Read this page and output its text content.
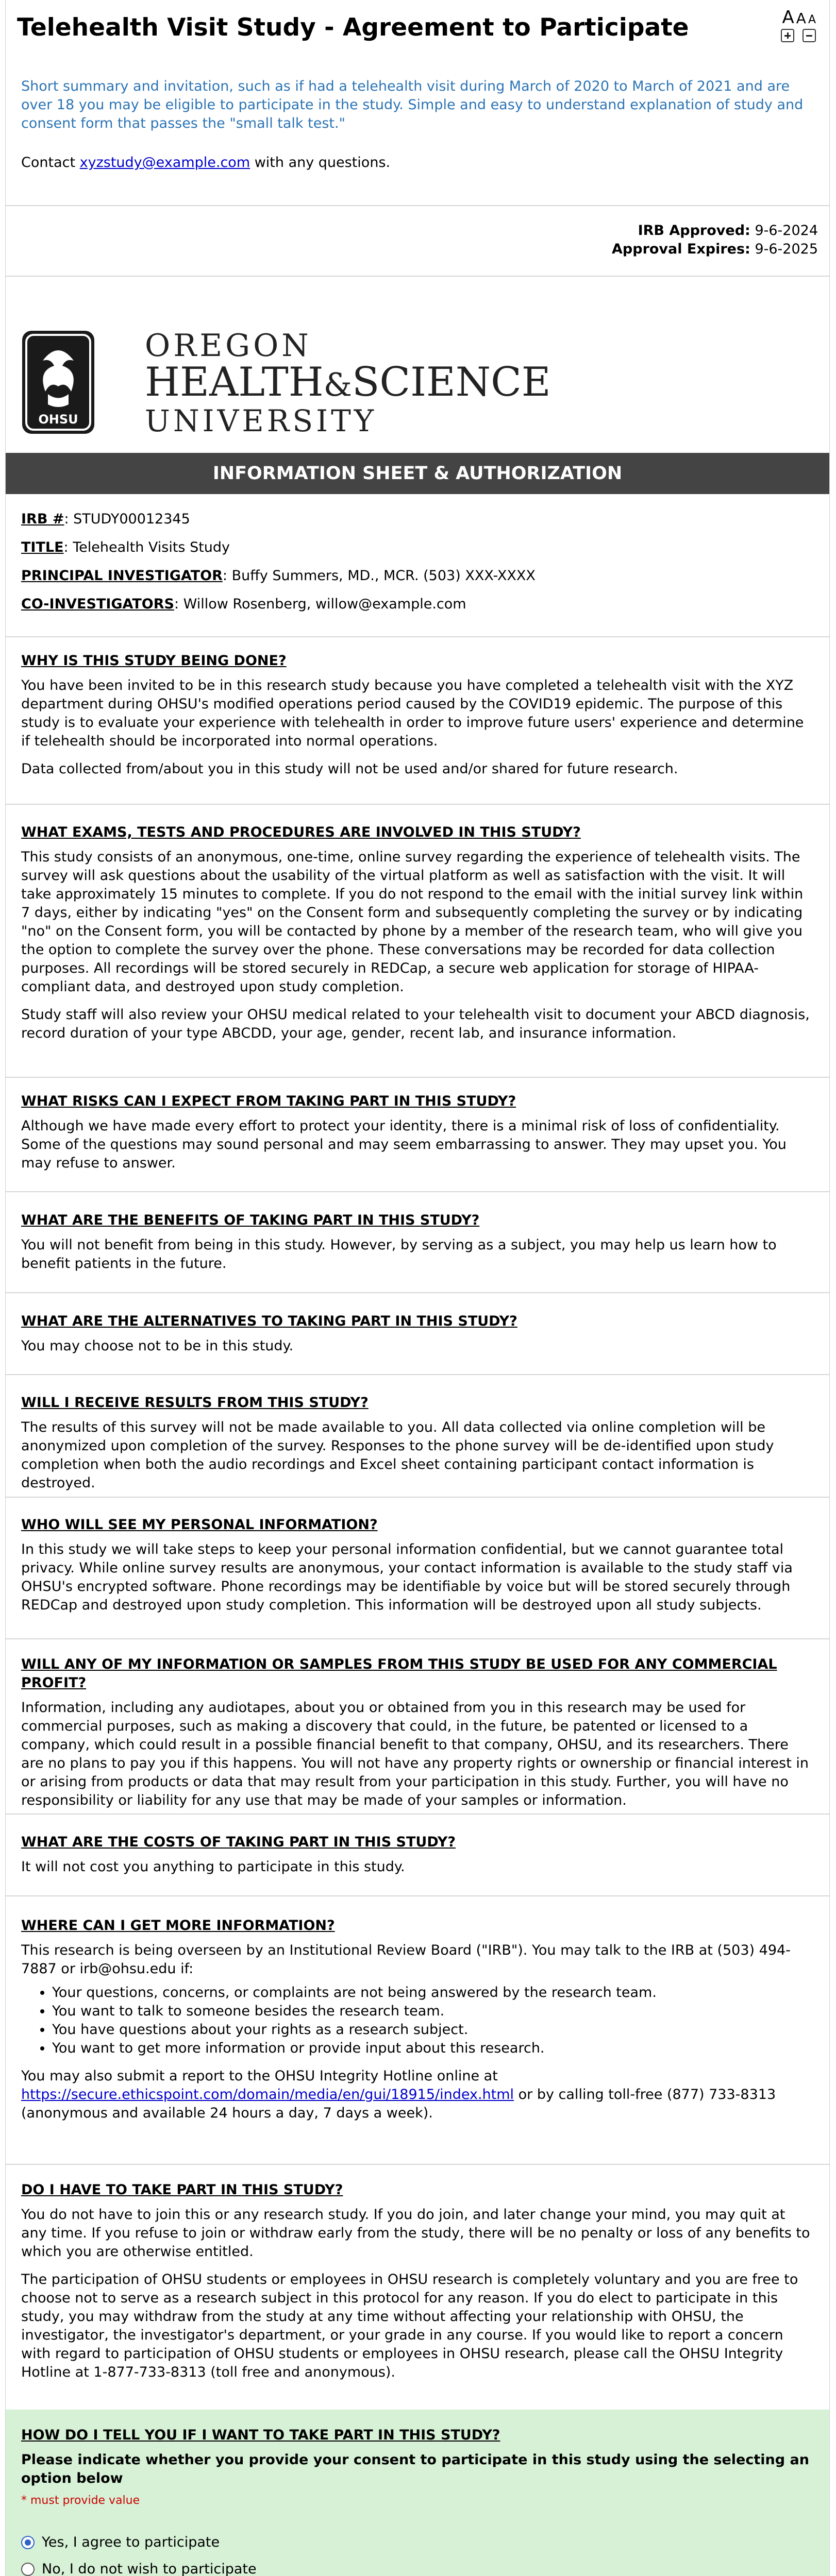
Telehealth Visit Study - Agreement to Participate	A A A
Short summary and invitation, such as if had a telehealth visit during March of 2020 to March of 2021 and are over 18 you may be eligible to participate in the study. Simple and easy to understand explanation of study and consent form that passes the "small talk test."
Contact xyzstudy@example.com with any questions.
IRB Approved: 9-6-2024
Approval Expires: 9-6-2025
OHSU
OREGON
HEALTH&SCIENCE
UNIVERSITY
INFORMATION SHEET & AUTHORIZATION

IRB #: STUDY00012345

TITLE: Telehealth Visits Study

PRINCIPAL INVESTIGATOR: Buffy Summers, MD., MCR. (503) XXX-XXXX

CO-INVESTIGATORS: Willow Rosenberg, willow@example.com

WHY IS THIS STUDY BEING DONE?

You have been invited to be in this research study because you have completed a telehealth visit with the XYZ department during OHSU's modified operations period caused by the COVID19 epidemic. The purpose of this study is to evaluate your experience with telehealth in order to improve future users' experience and determine if telehealth should be incorporated into normal operations.

Data collected from/about you in this study will not be used and/or shared for future research.

WHAT EXAMS, TESTS AND PROCEDURES ARE INVOLVED IN THIS STUDY?

This study consists of an anonymous, one-time, online survey regarding the experience of telehealth visits. The survey will ask questions about the usability of the virtual platform as well as satisfaction with the visit. It will take approximately 15 minutes to complete. If you do not respond to the email with the initial survey link within 7 days, either by indicating "yes" on the Consent form and subsequently completing the survey or by indicating "no" on the Consent form, you will be contacted by phone by a member of the research team, who will give you the option to complete the survey over the phone. These conversations may be recorded for data collection purposes. All recordings will be stored securely in REDCap, a secure web application for storage of HIPAA-compliant data, and destroyed upon study completion.

Study staff will also review your OHSU medical related to your telehealth visit to document your ABCD diagnosis, record duration of your type ABCDD, your age, gender, recent lab, and insurance information.

WHAT RISKS CAN I EXPECT FROM TAKING PART IN THIS STUDY?

Although we have made every effort to protect your identity, there is a minimal risk of loss of confidentiality. Some of the questions may sound personal and may seem embarrassing to answer. They may upset you. You may refuse to answer.

WHAT ARE THE BENEFITS OF TAKING PART IN THIS STUDY?

You will not benefit from being in this study. However, by serving as a subject, you may help us learn how to benefit patients in the future.

WHAT ARE THE ALTERNATIVES TO TAKING PART IN THIS STUDY?

You may choose not to be in this study.

WILL I RECEIVE RESULTS FROM THIS STUDY?

The results of this survey will not be made available to you. All data collected via online completion will be anonymized upon completion of the survey. Responses to the phone survey will be de-identified upon study completion when both the audio recordings and Excel sheet containing participant contact information is destroyed.

WHO WILL SEE MY PERSONAL INFORMATION?

In this study we will take steps to keep your personal information confidential, but we cannot guarantee total privacy. While online survey results are anonymous, your contact information is available to the study staff via OHSU's encrypted software. Phone recordings may be identifiable by voice but will be stored securely through REDCap and destroyed upon study completion. This information will be destroyed upon all study subjects.

WILL ANY OF MY INFORMATION OR SAMPLES FROM THIS STUDY BE USED FOR ANY COMMERCIAL PROFIT?

Information, including any audiotapes, about you or obtained from you in this research may be used for commercial purposes, such as making a discovery that could, in the future, be patented or licensed to a company, which could result in a possible financial benefit to that company, OHSU, and its researchers. There are no plans to pay you if this happens. You will not have any property rights or ownership or financial interest in or arising from products or data that may result from your participation in this study. Further, you will have no responsibility or liability for any use that may be made of your samples or information.

WHAT ARE THE COSTS OF TAKING PART IN THIS STUDY?

It will not cost you anything to participate in this study.

WHERE CAN I GET MORE INFORMATION?

This research is being overseen by an Institutional Review Board ("IRB"). You may talk to the IRB at (503) 494-7887 or irb@ohsu.edu if:

• Your questions, concerns, or complaints are not being answered by the research team.
• You want to talk to someone besides the research team.
• You have questions about your rights as a research subject.
• You want to get more information or provide input about this research.

You may also submit a report to the OHSU Integrity Hotline online at https://secure.ethicspoint.com/domain/media/en/gui/18915/index.html or by calling toll-free (877) 733-8313 (anonymous and available 24 hours a day, 7 days a week).

DO I HAVE TO TAKE PART IN THIS STUDY?

You do not have to join this or any research study. If you do join, and later change your mind, you may quit at any time. If you refuse to join or withdraw early from the study, there will be no penalty or loss of any benefits to which you are otherwise entitled.

The participation of OHSU students or employees in OHSU research is completely voluntary and you are free to choose not to serve as a research subject in this protocol for any reason. If you do elect to participate in this study, you may withdraw from the study at any time without affecting your relationship with OHSU, the investigator, the investigator's department, or your grade in any course. If you would like to report a concern with regard to participation of OHSU students or employees in OHSU research, please call the OHSU Integrity Hotline at 1-877-733-8313 (toll free and anonymous).

HOW DO I TELL YOU IF I WANT TO TAKE PART IN THIS STUDY?
Please indicate whether you provide your consent to participate in this study using the selecting an option below
* must provide value
Yes, I agree to participate
No, I do not wish to participate
